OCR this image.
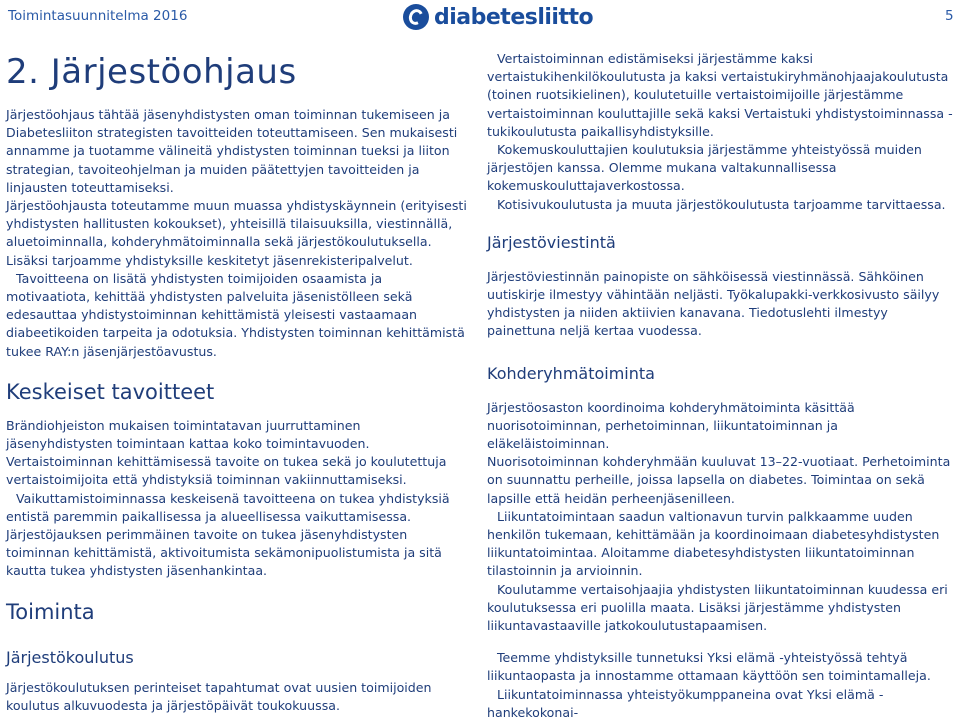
Toimintasuunnitelma 2016	diabetesliitto	5
2. Järjestöohjaus

Järjestöohjaus tähtää jäsenyhdistysten oman toiminnan tukemiseen ja Diabetesliiton strategisten tavoitteiden toteuttamiseen. Sen mukaisesti annamme ja tuotamme välineitä yhdistysten toiminnan tueksi ja liiton strategian, tavoiteohjelman ja muiden päätettyjen tavoitteiden ja linjausten toteuttamiseksi.

Järjestöohjausta toteutamme muun muassa yhdistyskäynnein (erityisesti yhdistysten hallitusten kokoukset), yhteisillä tilaisuuksilla, viestinnällä, aluetoiminnalla, kohderyhmätoiminnalla sekä järjestökoulutuksella. Lisäksi tarjoamme yhdistyksille keskitetyt jäsenrekisteripalvelut.

Tavoitteena on lisätä yhdistysten toimijoiden osaamista ja motivaatiota, kehittää yhdistysten palveluita jäsenistölleen sekä edesauttaa yhdistystoiminnan kehittämistä yleisesti vastaamaan diabeetikoiden tarpeita ja odotuksia. Yhdistysten toiminnan kehittämistä tukee RAY:n jäsenjärjestöavustus.

Keskeiset tavoitteet

Brändiohjeiston mukaisen toimintatavan juurruttaminen jäsenyhdistysten toimintaan kattaa koko toimintavuoden. Vertaistoiminnan kehittämisessä tavoite on tukea sekä jo koulutettuja vertaistoimijoita että yhdistyksiä toiminnan vakiinnuttamiseksi.

Vaikuttamistoiminnassa keskeisenä tavoitteena on tukea yhdistyksiä entistä paremmin paikallisessa ja alueellisessa vaikuttamisessa. Järjestöjauksen perimmäinen tavoite on tukea jäsenyhdistysten toiminnan kehittämistä, aktivoitumista sekämonipuolistumista ja sitä kautta tukea yhdistysten jäsenhankintaa.

Toiminta
Järjestökoulutus

Järjestökoulutuksen perinteiset tapahtumat ovat uusien toimijoiden koulutus alkuvuodesta ja järjestöpäivät toukokuussa.

Vertaistoiminnan edistämiseksi järjestämme kaksi vertaistukihenkilökoulutusta ja kaksi vertaistukiryhmänohjaajakoulutusta (toinen ruotsikielinen), koulutetuille vertaistoimijoille järjestämme vertaistoiminnan kouluttajille sekä kaksi Vertaistuki yhdistystoiminnassa -tukikoulutusta paikallisyhdistyksille.

Kokemuskouluttajien koulutuksia järjestämme yhteistyössä muiden järjestöjen kanssa. Olemme mukana valtakunnallisessa kokemuskouluttajaverkostossa.

Kotisivukoulutusta ja muuta järjestökoulutusta tarjoamme tarvittaessa.

Järjestöviestintä

Järjestöviestinnän painopiste on sähköisessä viestinnässä. Sähköinen uutiskirje ilmestyy vähintään neljästi. Työkalupakki-verkkosivusto säilyy yhdistysten ja niiden aktiivien kanavana. Tiedotuslehti ilmestyy painettuna neljä kertaa vuodessa.

Kohderyhmätoiminta

Järjestöosaston koordinoima kohderyhmätoiminta käsittää nuorisotoiminnan, perhetoiminnan, liikuntatoiminnan ja eläkeläistoiminnan.

Nuorisotoiminnan kohderyhmään kuuluvat 13–22-vuotiaat. Perhetoiminta on suunnattu perheille, joissa lapsella on diabetes. Toimintaa on sekä lapsille että heidän perheenjäsenilleen.

Liikuntatoimintaan saadun valtionavun turvin palkkaamme uuden henkilön tukemaan, kehittämään ja koordinoimaan diabetesyhdistysten liikuntatoimintaa. Aloitamme diabetesyhdistysten liikuntatoiminnan tilastoinnin ja arvioinnin.

Koulutamme vertaisohjaajia yhdistysten liikuntatoiminnan kuudessa eri koulutuksessa eri puolilla maata. Lisäksi järjestämme yhdistysten liikuntavastaaville jatkokoulutustapaamisen.

Teemme yhdistyksille tunnetuksi Yksi elämä -yhteistyössä tehtyä liikuntaopasta ja innostamme ottamaan käyttöön sen toimintamalleja.

Liikuntatoiminnassa yhteistyökumppaneina ovat Yksi elämä -hankekokonai-
